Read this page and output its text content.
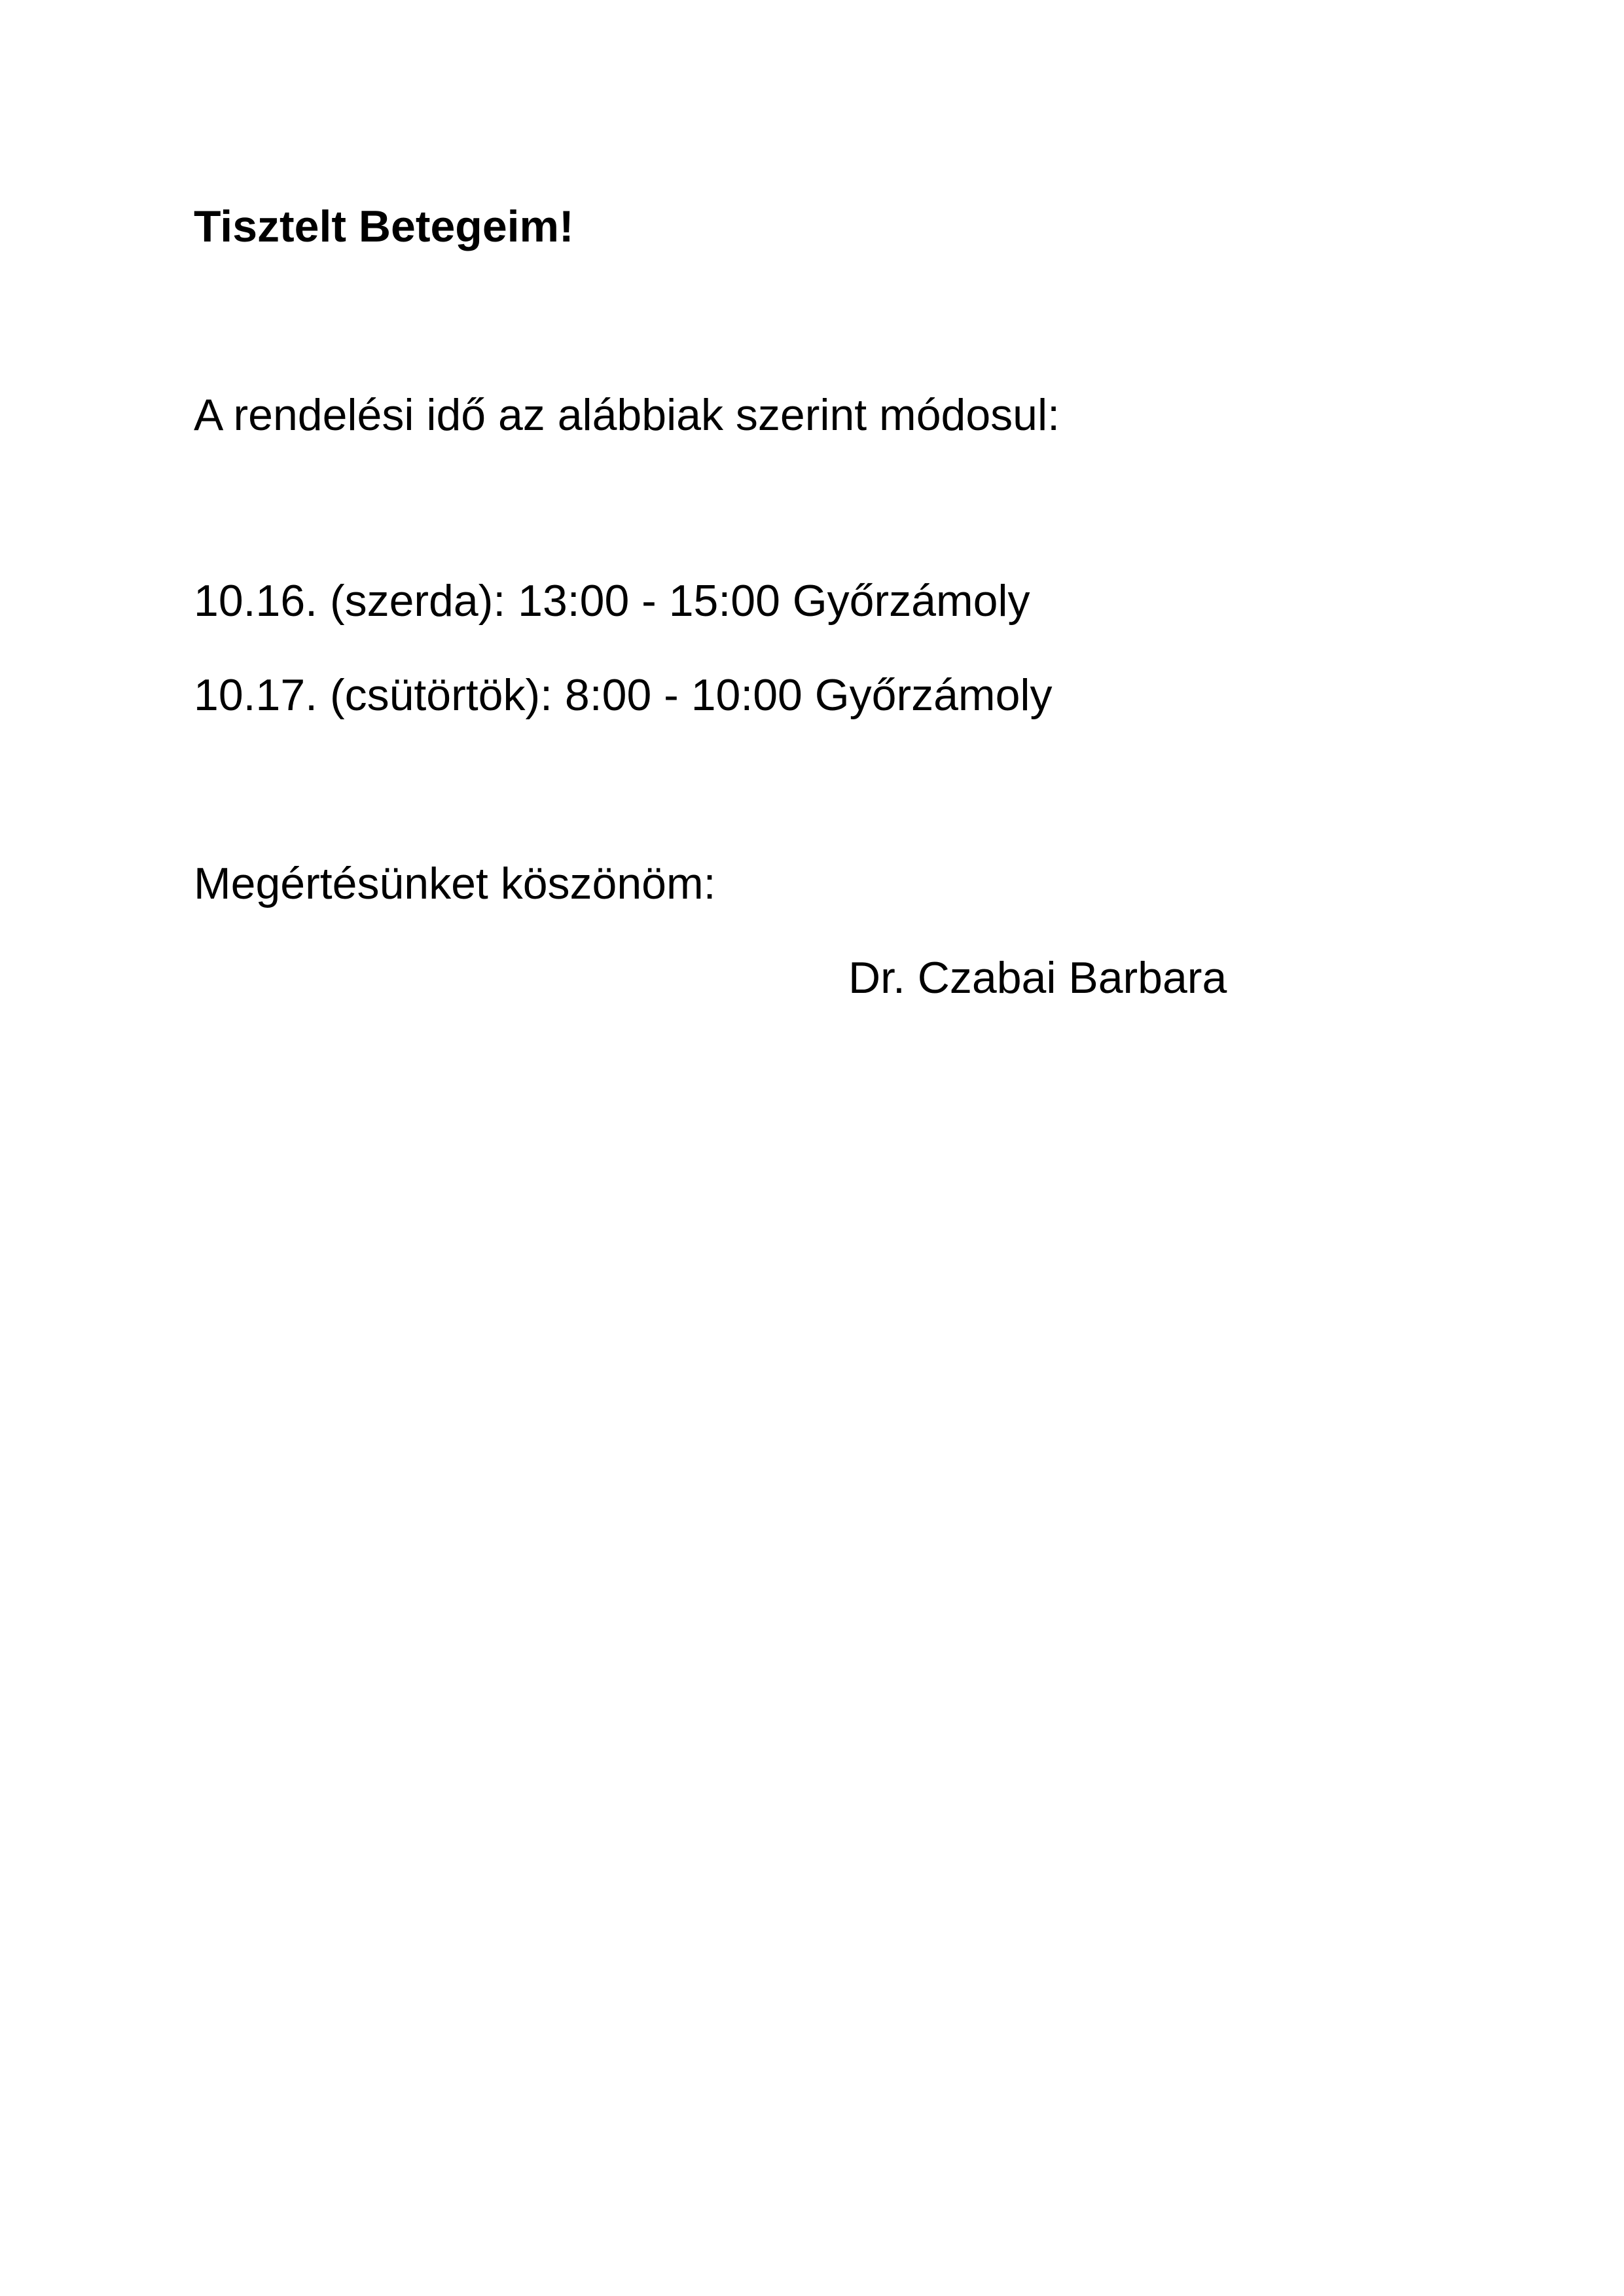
Tisztelt Betegeim!
A rendelési idő az alábbiak szerint módosul:
10.16. (szerda): 13:00 - 15:00 Győrzámoly
10.17. (csütörtök): 8:00 - 10:00 Győrzámoly
Megértésünket köszönöm:
Dr. Czabai Barbara
